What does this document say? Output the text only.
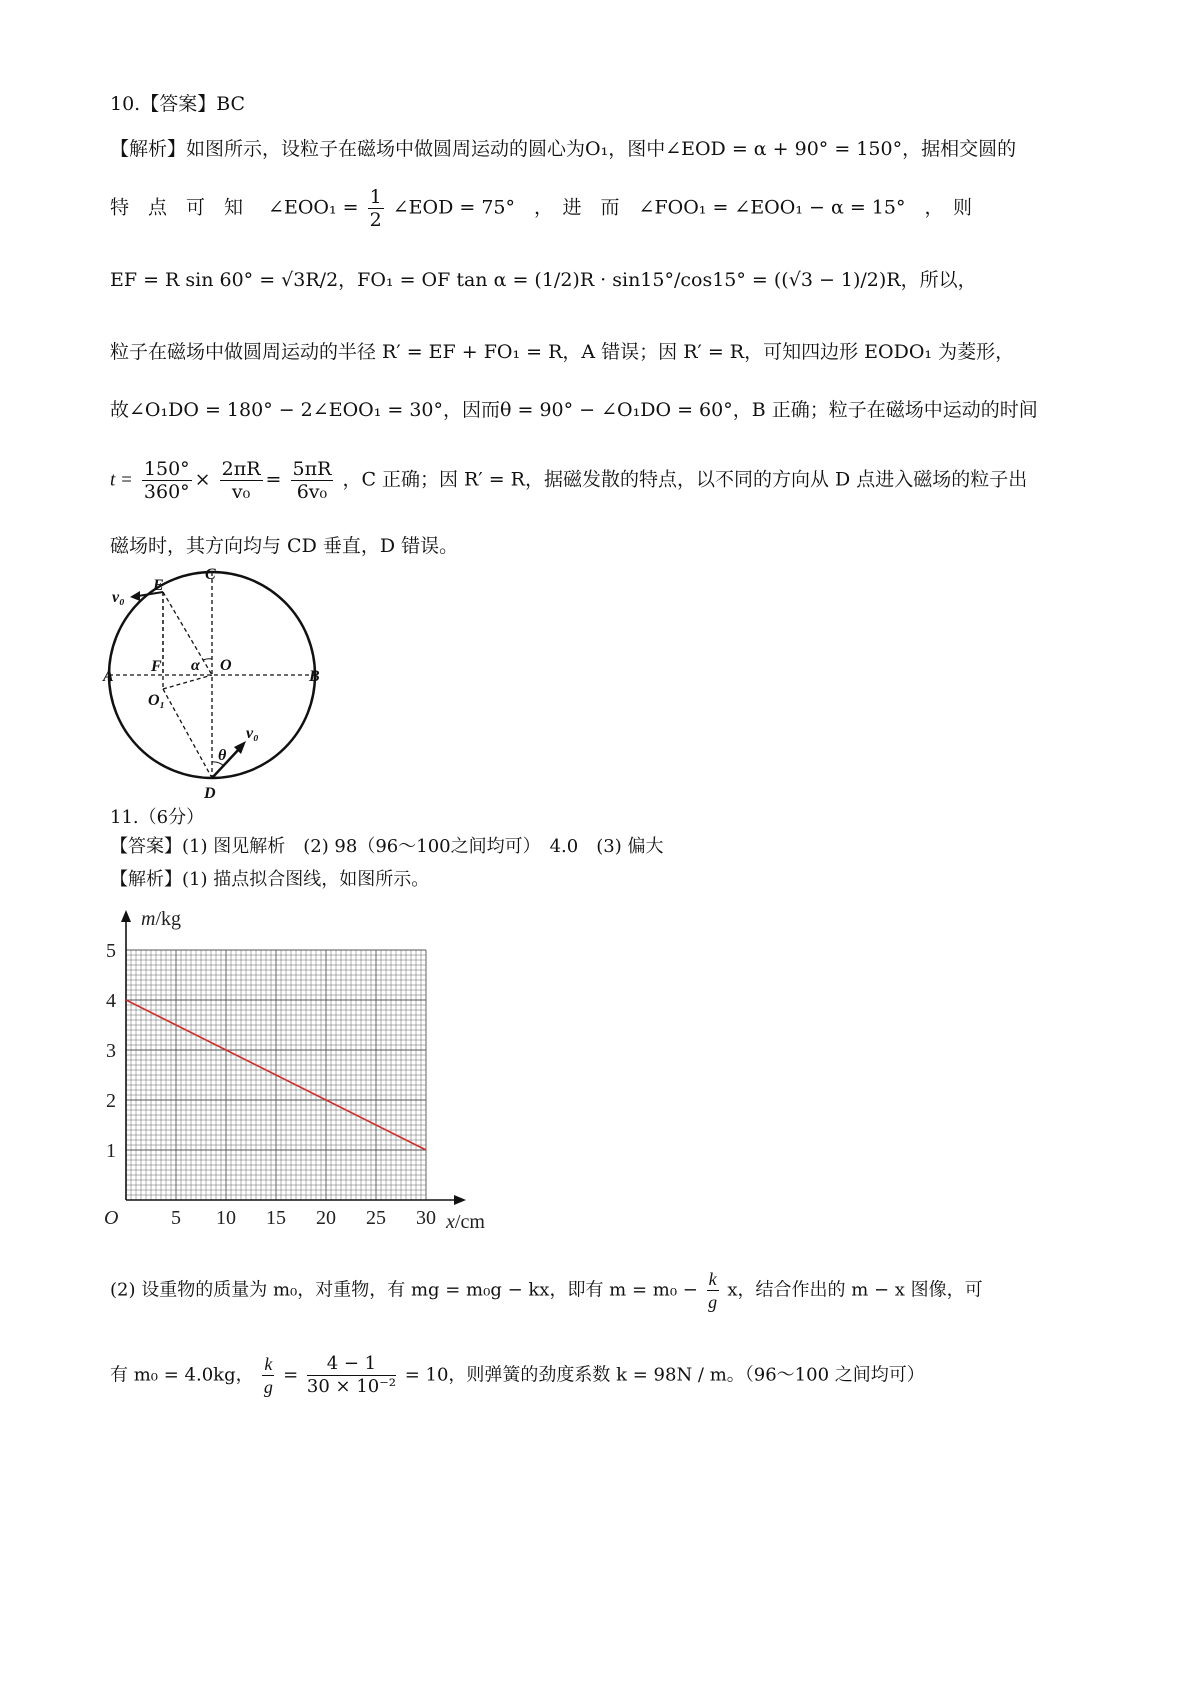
10.【答案】BC
【解析】如图所示，设粒子在磁场中做圆周运动的圆心为O₁，图中∠EOD = α + 90° = 150°，据相交圆的
特　点　可　知　 ∠EOO₁ = $\frac{1}{2}$ ∠EOD = 75°　，　进　而　∠FOO₁ = ∠EOO₁ − α = 15°　，　则
EF = R sin 60° = √3R/2，FO₁ = OF tan α = (1/2)R · sin15°/cos15° = ((√3 − 1)/2)R，所以，
粒子在磁场中做圆周运动的半径 R′ = EF + FO₁ = R，A 错误；因 R′ = R，可知四边形 EODO₁ 为菱形，
故∠O₁DO = 180° − 2∠EOO₁ = 30°，因而θ = 90° − ∠O₁DO = 60°，B 正确；粒子在磁场中运动的时间
$t = \frac{150^\circ}{360^\circ} \times \frac{2\pi R}{\text{v₀}} = \frac{5\pi R}{\text{6v₀}}$ ，C 正确；因 R′ = R，据磁发散的特点，以不同的方向从 D 点进入磁场的粒子出
磁场时，其方向均与 CD 垂直，D 错误。
C
E
A	B
F α O
O₁
D
θ
v₀
v₀
11.（6分）
【答案】(1) 图见解析　(2) 98（96～100之间均可）　4.0　(3) 偏大
【解析】(1) 描点拟合图线，如图所示。
5 10 15 20 25 30
1
2
3
4
5
O	x/cm
m/kg
(2) 设重物的质量为 m₀，对重物，有 mg = m₀g − kx，即有 $m = m_0 - \frac{k}{g}$ x，结合作出的 m − x 图像，可
有 m₀ = 4.0kg， $\frac{k}{g} = \frac{4 - 1}{\text{30 × 10⁻²}} = 10$，则弹簧的劲度系数 k = 98N / m。（96～100 之间均可）
